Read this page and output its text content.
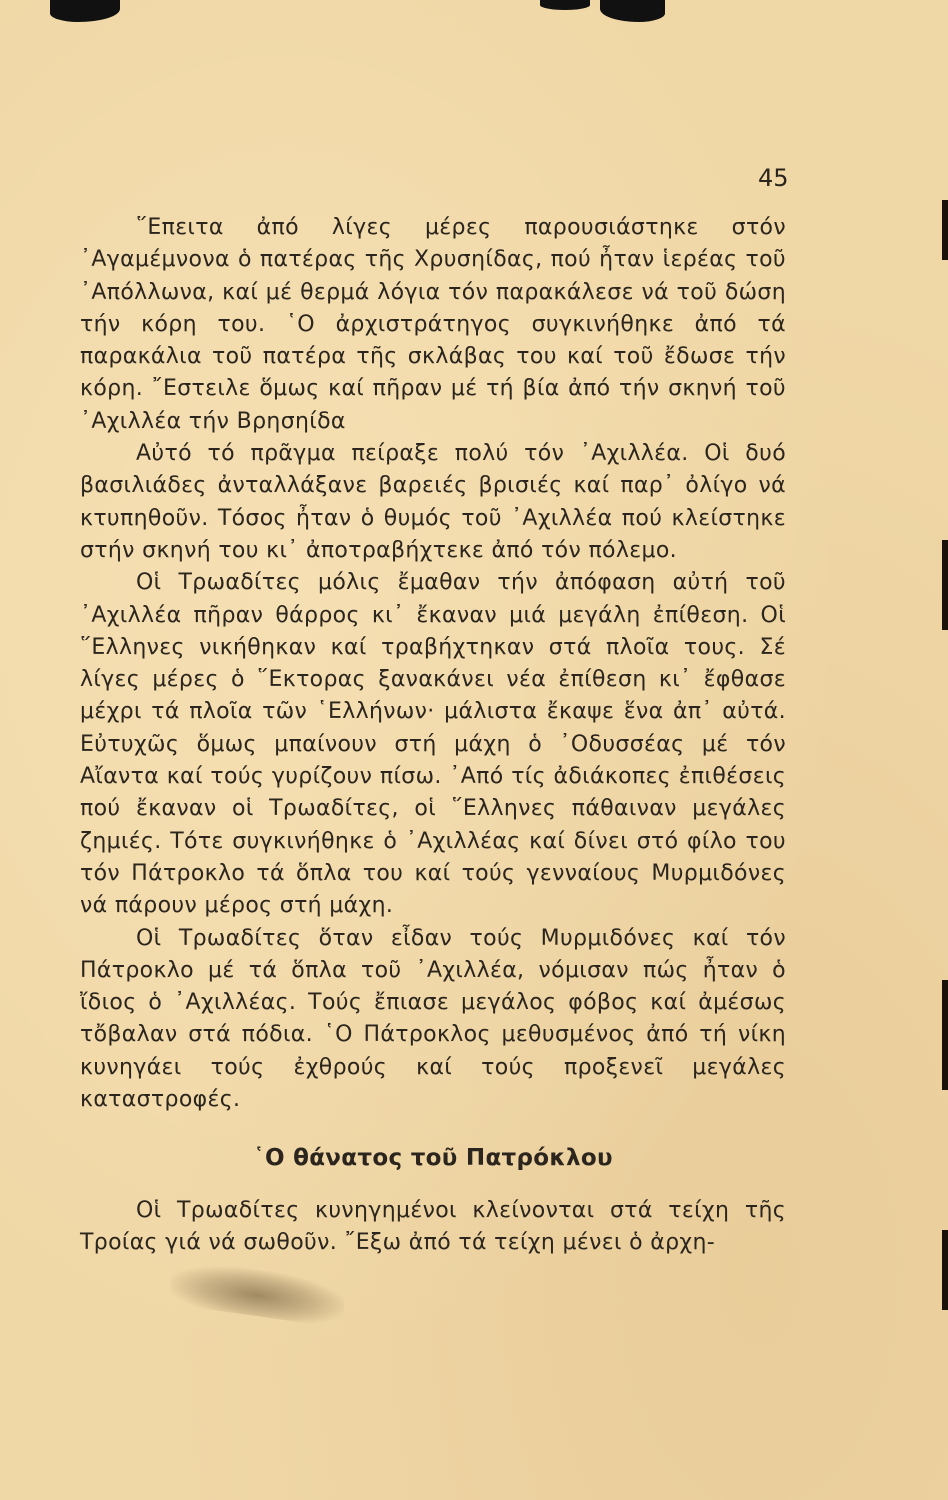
45

῞Επειτα ἀπό λίγες μέρες παρουσιάστηκε στόν ᾽Αγαμέμνονα ὁ πατέρας τῆς Χρυσηίδας, πού ἦταν ἱερέας τοῦ ᾽Απόλλωνα, καί μέ θερμά λόγια τόν παρακάλεσε νά τοῦ δώση τήν κόρη του. ῾Ο ἀρχιστράτηγος συγκινήθηκε ἀπό τά παρακάλια τοῦ πατέρα τῆς σκλάβας του καί τοῦ ἔδωσε τήν κόρη. ῎Εστειλε ὅμως καί πῆραν μέ τή βία ἀπό τήν σκηνή τοῦ ᾽Αχιλλέα τήν Βρησηίδα

Αὐτό τό πρᾶγμα πείραξε πολύ τόν ᾽Αχιλλέα. Οἱ δυό βασιλιάδες ἀνταλλάξανε βαρειές βρισιές καί παρ᾽ ὀλίγο νά κτυπηθοῦν. Τόσος ἦταν ὁ θυμός τοῦ ᾽Αχιλλέα πού κλείστηκε στήν σκηνή του κι᾽ ἀποτραβήχτεκε ἀπό τόν πόλεμο.

Οἱ Τρωαδίτες μόλις ἔμαθαν τήν ἀπόφαση αὐτή τοῦ ᾽Αχιλλέα πῆραν θάρρος κι᾽ ἔκαναν μιά μεγάλη ἐπίθεση. Οἱ ῞Ελληνες νικήθηκαν καί τραβήχτηκαν στά πλοῖα τους. Σέ λίγες μέρες ὁ ῞Εκτορας ξανακάνει νέα ἐπίθεση κι᾽ ἔφθασε μέχρι τά πλοῖα τῶν ῾Ελλήνων· μάλιστα ἔκαψε ἕνα ἀπ᾽ αὐτά. Εὐτυχῶς ὅμως μπαίνουν στή μάχη ὁ ᾽Οδυσσέας μέ τόν Αἴαντα καί τούς γυρίζουν πίσω. ᾽Από τίς ἀδιάκοπες ἐπιθέσεις πού ἔκαναν οἱ Τρωαδίτες, οἱ ῞Ελληνες πάθαιναν μεγάλες ζημιές. Τότε συγκινήθηκε ὁ ᾽Αχιλλέας καί δίνει στό φίλο του τόν Πάτροκλο τά ὅπλα του καί τούς γενναίους Μυρμιδόνες νά πάρουν μέρος στή μάχη.

Οἱ Τρωαδίτες ὅταν εἶδαν τούς Μυρμιδόνες καί τόν Πάτροκλο μέ τά ὅπλα τοῦ ᾽Αχιλλέα, νόμισαν πώς ἦταν ὁ ἴδιος ὁ ᾽Αχιλλέας. Τούς ἔπιασε μεγάλος φόβος καί ἀμέσως τὄβαλαν στά πόδια. ῾Ο Πάτροκλος μεθυσμένος ἀπό τή νίκη κυνηγάει τούς ἐχθρούς καί τούς προξενεῖ μεγάλες καταστροφές.

῾Ο θάνατος τοῦ Πατρόκλου

Οἱ Τρωαδίτες κυνηγημένοι κλείνονται στά τείχη τῆς Τροίας γιά νά σωθοῦν. ῎Εξω ἀπό τά τείχη μένει ὁ ἀρχη-
